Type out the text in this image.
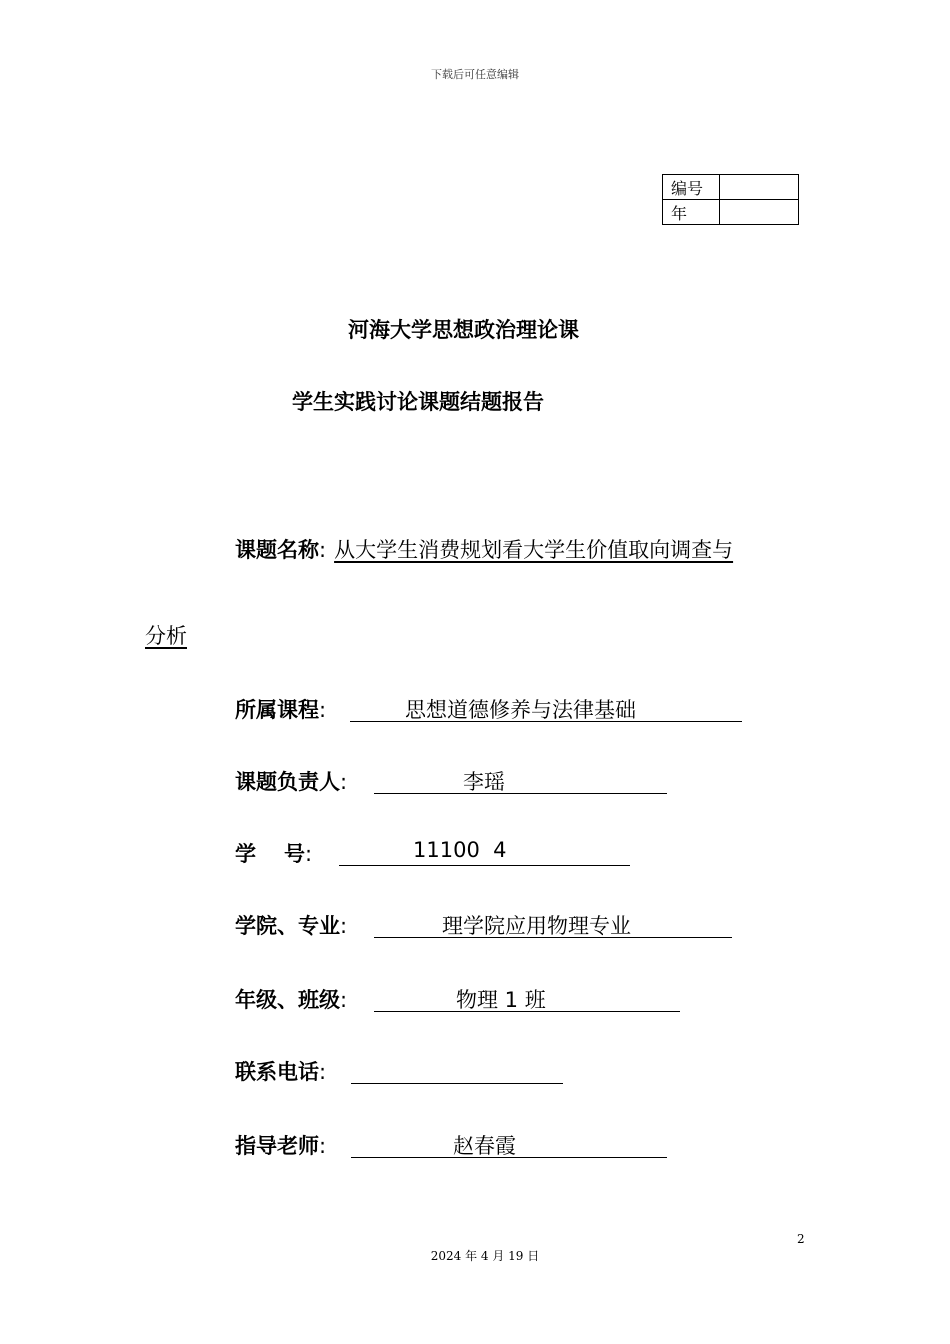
下载后可任意编辑
编号	
年	
河海大学思想政治理论课
学生实践讨论课题结题报告
课题名称: 从大学生消费规划看大学生价值取向调查与
分析
所属课程:	思想道德修养与法律基础
课题负责人:	李瑶
学 号:	11100  4
学院、专业:	理学院应用物理专业
年级、班级:	物理 1 班
联系电话:
指导老师:	赵春霞
2
2024 年 4 月 19 日
